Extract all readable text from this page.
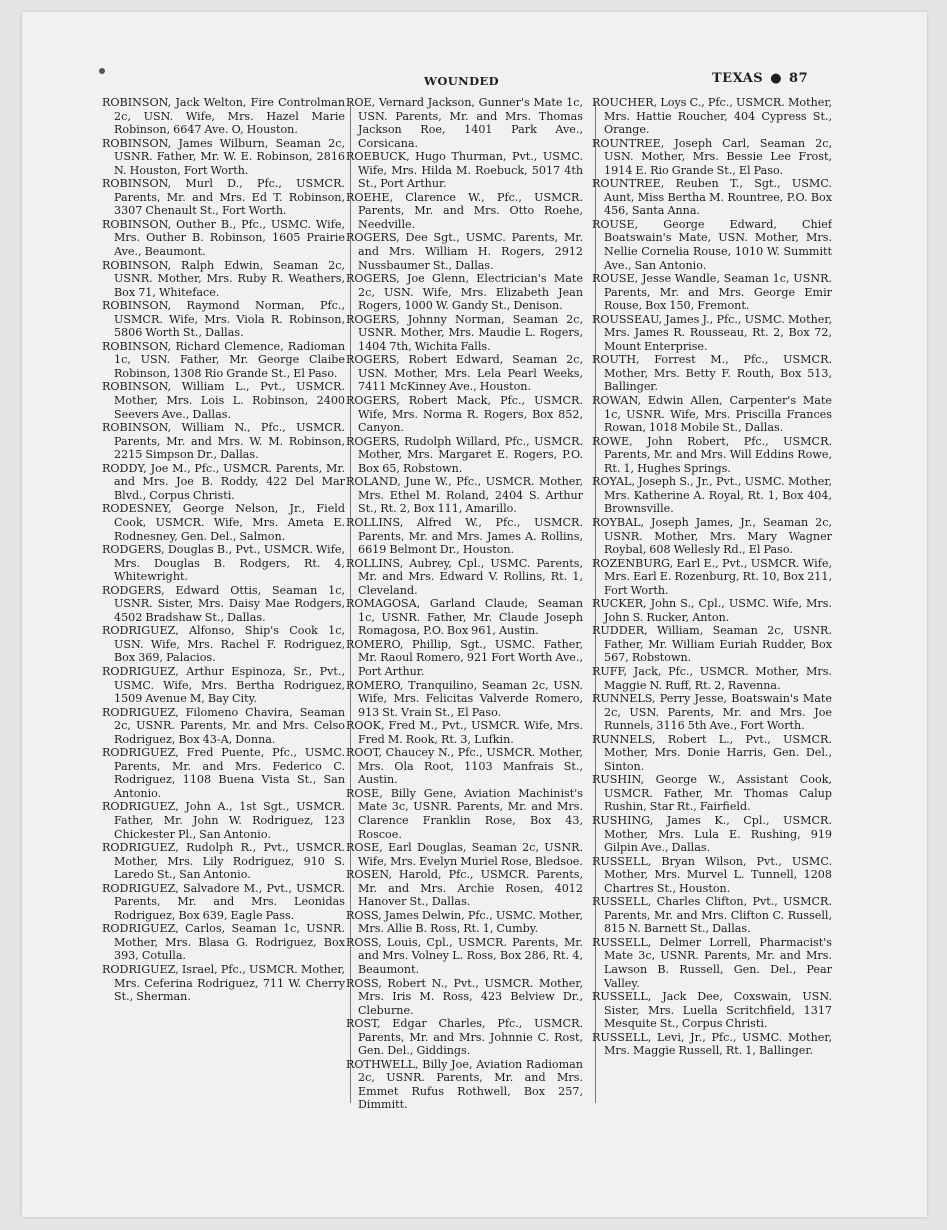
WOUNDED	TEXAS ● 87

ROBINSON, Jack Welton, Fire Controlman 2c, USN. Wife, Mrs. Hazel Marie Robinson, 6647 Ave. O, Houston.

ROBINSON, James Wilburn, Seaman 2c, USNR. Father, Mr. W. E. Robinson, 2816 N. Houston, Fort Worth.

ROBINSON, Murl D., Pfc., USMCR. Parents, Mr. and Mrs. Ed T. Robinson, 3307 Chenault St., Fort Worth.

ROBINSON, Outher B., Pfc., USMC. Wife, Mrs. Outher B. Robinson, 1605 Prairie Ave., Beaumont.

ROBINSON, Ralph Edwin, Seaman 2c, USNR. Mother, Mrs. Ruby R. Weathers, Box 71, Whiteface.

ROBINSON, Raymond Norman, Pfc., USMCR. Wife, Mrs. Viola R. Robinson, 5806 Worth St., Dallas.

ROBINSON, Richard Clemence, Radioman 1c, USN. Father, Mr. George Claibe Robinson, 1308 Rio Grande St., El Paso.

ROBINSON, William L., Pvt., USMCR. Mother, Mrs. Lois L. Robinson, 2400 Seevers Ave., Dallas.

ROBINSON, William N., Pfc., USMCR. Parents, Mr. and Mrs. W. M. Robinson, 2215 Simpson Dr., Dallas.

RODDY, Joe M., Pfc., USMCR. Parents, Mr. and Mrs. Joe B. Roddy, 422 Del Mar Blvd., Corpus Christi.

RODESNEY, George Nelson, Jr., Field Cook, USMCR. Wife, Mrs. Ameta E. Rodnesney, Gen. Del., Salmon.

RODGERS, Douglas B., Pvt., USMCR. Wife, Mrs. Douglas B. Rodgers, Rt. 4, Whitewright.

RODGERS, Edward Ottis, Seaman 1c, USNR. Sister, Mrs. Daisy Mae Rodgers, 4502 Bradshaw St., Dallas.

RODRIGUEZ, Alfonso, Ship's Cook 1c, USN. Wife, Mrs. Rachel F. Rodriguez, Box 369, Palacios.

RODRIGUEZ, Arthur Espinoza, Sr., Pvt., USMC. Wife, Mrs. Bertha Rodriguez, 1509 Avenue M, Bay City.

RODRIGUEZ, Filomeno Chavira, Seaman 2c, USNR. Parents, Mr. and Mrs. Celso Rodriguez, Box 43-A, Donna.

RODRIGUEZ, Fred Puente, Pfc., USMC. Parents, Mr. and Mrs. Federico C. Rodriguez, 1108 Buena Vista St., San Antonio.

RODRIGUEZ, John A., 1st Sgt., USMCR. Father, Mr. John W. Rodriguez, 123 Chickester Pl., San Antonio.

RODRIGUEZ, Rudolph R., Pvt., USMCR. Mother, Mrs. Lily Rodriguez, 910 S. Laredo St., San Antonio.

RODRIGUEZ, Salvadore M., Pvt., USMCR. Parents, Mr. and Mrs. Leonidas Rodriguez, Box 639, Eagle Pass.

RODRIGUEZ, Carlos, Seaman 1c, USNR. Mother, Mrs. Blasa G. Rodriguez, Box 393, Cotulla.

RODRIGUEZ, Israel, Pfc., USMCR. Mother, Mrs. Ceferina Rodriguez, 711 W. Cherry St., Sherman.

ROE, Vernard Jackson, Gunner's Mate 1c, USN. Parents, Mr. and Mrs. Thomas Jackson Roe, 1401 Park Ave., Corsicana.

ROEBUCK, Hugo Thurman, Pvt., USMC. Wife, Mrs. Hilda M. Roebuck, 5017 4th St., Port Arthur.

ROEHE, Clarence W., Pfc., USMCR. Parents, Mr. and Mrs. Otto Roehe, Needville.

ROGERS, Dee Sgt., USMC. Parents, Mr. and Mrs. William H. Rogers, 2912 Nussbaumer St., Dallas.

ROGERS, Joe Glenn, Electrician's Mate 2c, USN. Wife, Mrs. Elizabeth Jean Rogers, 1000 W. Gandy St., Denison.

ROGERS, Johnny Norman, Seaman 2c, USNR. Mother, Mrs. Maudie L. Rogers, 1404 7th, Wichita Falls.

ROGERS, Robert Edward, Seaman 2c, USN. Mother, Mrs. Lela Pearl Weeks, 7411 McKinney Ave., Houston.

ROGERS, Robert Mack, Pfc., USMCR. Wife, Mrs. Norma R. Rogers, Box 852, Canyon.

ROGERS, Rudolph Willard, Pfc., USMCR. Mother, Mrs. Margaret E. Rogers, P.O. Box 65, Robstown.

ROLAND, June W., Pfc., USMCR. Mother, Mrs. Ethel M. Roland, 2404 S. Arthur St., Rt. 2, Box 111, Amarillo.

ROLLINS, Alfred W., Pfc., USMCR. Parents, Mr. and Mrs. James A. Rollins, 6619 Belmont Dr., Houston.

ROLLINS, Aubrey, Cpl., USMC. Parents, Mr. and Mrs. Edward V. Rollins, Rt. 1, Cleveland.

ROMAGOSA, Garland Claude, Seaman 1c, USNR. Father, Mr. Claude Joseph Romagosa, P.O. Box 961, Austin.

ROMERO, Phillip, Sgt., USMC. Father, Mr. Raoul Romero, 921 Fort Worth Ave., Port Arthur.

ROMERO, Tranquilino, Seaman 2c, USN. Wife, Mrs. Felicitas Valverde Romero, 913 St. Vrain St., El Paso.

ROOK, Fred M., Pvt., USMCR. Wife, Mrs. Fred M. Rook, Rt. 3, Lufkin.

ROOT, Chaucey N., Pfc., USMCR. Mother, Mrs. Ola Root, 1103 Manfrais St., Austin.

ROSE, Billy Gene, Aviation Machinist's Mate 3c, USNR. Parents, Mr. and Mrs. Clarence Franklin Rose, Box 43, Roscoe.

ROSE, Earl Douglas, Seaman 2c, USNR. Wife, Mrs. Evelyn Muriel Rose, Bledsoe.

ROSEN, Harold, Pfc., USMCR. Parents, Mr. and Mrs. Archie Rosen, 4012 Hanover St., Dallas.

ROSS, James Delwin, Pfc., USMC. Mother, Mrs. Allie B. Ross, Rt. 1, Cumby.

ROSS, Louis, Cpl., USMCR. Parents, Mr. and Mrs. Volney L. Ross, Box 286, Rt. 4, Beaumont.

ROSS, Robert N., Pvt., USMCR. Mother, Mrs. Iris M. Ross, 423 Belview Dr., Cleburne.

ROST, Edgar Charles, Pfc., USMCR. Parents, Mr. and Mrs. Johnnie C. Rost, Gen. Del., Giddings.

ROTHWELL, Billy Joe, Aviation Radioman 2c, USNR. Parents, Mr. and Mrs. Emmet Rufus Rothwell, Box 257, Dimmitt.

ROUCHER, Loys C., Pfc., USMCR. Mother, Mrs. Hattie Roucher, 404 Cypress St., Orange.

ROUNTREE, Joseph Carl, Seaman 2c, USN. Mother, Mrs. Bessie Lee Frost, 1914 E. Rio Grande St., El Paso.

ROUNTREE, Reuben T., Sgt., USMC. Aunt, Miss Bertha M. Rountree, P.O. Box 456, Santa Anna.

ROUSE, George Edward, Chief Boatswain's Mate, USN. Mother, Mrs. Nellie Cornelia Rouse, 1010 W. Summitt Ave., San Antonio.

ROUSE, Jesse Wandle, Seaman 1c, USNR. Parents, Mr. and Mrs. George Emir Rouse, Box 150, Fremont.

ROUSSEAU, James J., Pfc., USMC. Mother, Mrs. James R. Rousseau, Rt. 2, Box 72, Mount Enterprise.

ROUTH, Forrest M., Pfc., USMCR. Mother, Mrs. Betty F. Routh, Box 513, Ballinger.

ROWAN, Edwin Allen, Carpenter's Mate 1c, USNR. Wife, Mrs. Priscilla Frances Rowan, 1018 Mobile St., Dallas.

ROWE, John Robert, Pfc., USMCR. Parents, Mr. and Mrs. Will Eddins Rowe, Rt. 1, Hughes Springs.

ROYAL, Joseph S., Jr., Pvt., USMC. Mother, Mrs. Katherine A. Royal, Rt. 1, Box 404, Brownsville.

ROYBAL, Joseph James, Jr., Seaman 2c, USNR. Mother, Mrs. Mary Wagner Roybal, 608 Wellesly Rd., El Paso.

ROZENBURG, Earl E., Pvt., USMCR. Wife, Mrs. Earl E. Rozenburg, Rt. 10, Box 211, Fort Worth.

RUCKER, John S., Cpl., USMC. Wife, Mrs. John S. Rucker, Anton.

RUDDER, William, Seaman 2c, USNR. Father, Mr. William Euriah Rudder, Box 567, Robstown.

RUFF, Jack, Pfc., USMCR. Mother, Mrs. Maggie N. Ruff, Rt. 2, Ravenna.

RUNNELS, Perry Jesse, Boatswain's Mate 2c, USN. Parents, Mr. and Mrs. Joe Runnels, 3116 5th Ave., Fort Worth.

RUNNELS, Robert L., Pvt., USMCR. Mother, Mrs. Donie Harris, Gen. Del., Sinton.

RUSHIN, George W., Assistant Cook, USMCR. Father, Mr. Thomas Calup Rushin, Star Rt., Fairfield.

RUSHING, James K., Cpl., USMCR. Mother, Mrs. Lula E. Rushing, 919 Gilpin Ave., Dallas.

RUSSELL, Bryan Wilson, Pvt., USMC. Mother, Mrs. Murvel L. Tunnell, 1208 Chartres St., Houston.

RUSSELL, Charles Clifton, Pvt., USMCR. Parents, Mr. and Mrs. Clifton C. Russell, 815 N. Barnett St., Dallas.

RUSSELL, Delmer Lorrell, Pharmacist's Mate 3c, USNR. Parents, Mr. and Mrs. Lawson B. Russell, Gen. Del., Pear Valley.

RUSSELL, Jack Dee, Coxswain, USN. Sister, Mrs. Luella Scritchfield, 1317 Mesquite St., Corpus Christi.

RUSSELL, Levi, Jr., Pfc., USMC. Mother, Mrs. Maggie Russell, Rt. 1, Ballinger.
